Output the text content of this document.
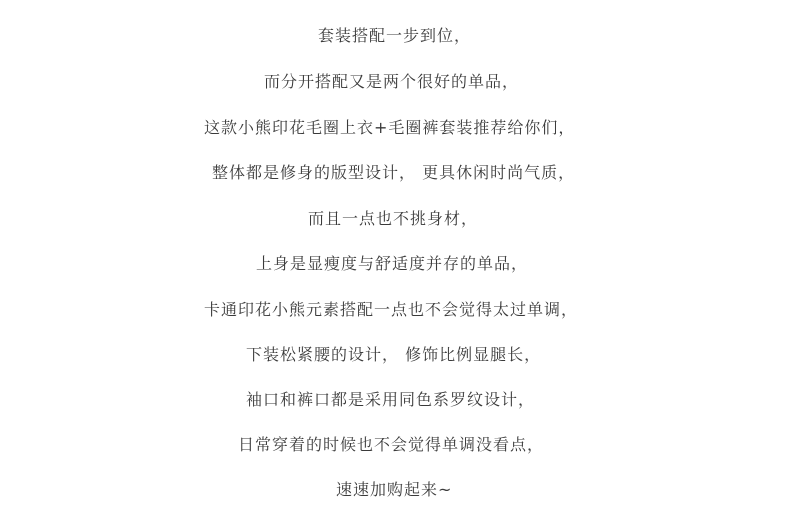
套装搭配一步到位，
而分开搭配又是两个很好的单品，
这款小熊印花毛圈上衣+毛圈裤套装推荐给你们，
整体都是修身的版型设计， 更具休闲时尚气质，
而且一点也不挑身材，
上身是显瘦度与舒适度并存的单品，
卡通印花小熊元素搭配一点也不会觉得太过单调，
下装松紧腰的设计， 修饰比例显腿长，
袖口和裤口都是采用同色系罗纹设计，
日常穿着的时候也不会觉得单调没看点，
速速加购起来~
